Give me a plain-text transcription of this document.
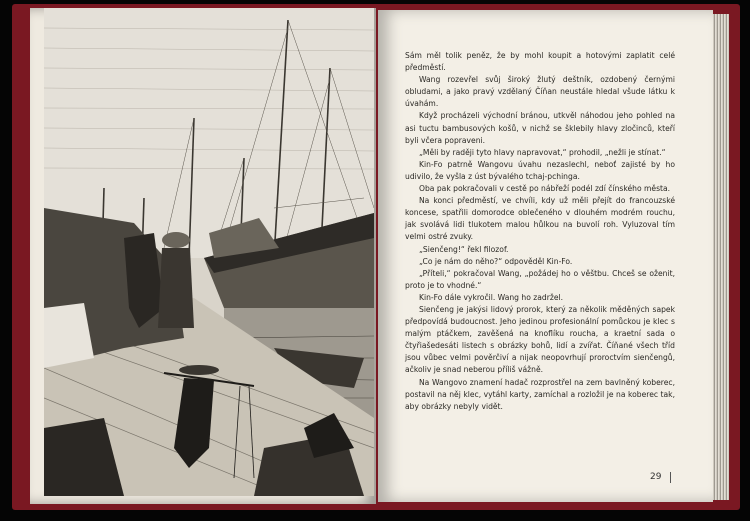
Sám měl tolik peněz, že by mohl koupit a hotovými zaplatit celé předměstí.

Wang rozevřel svůj široký žlutý deštník, ozdobený černými obludami, a jako pravý vzdělaný Číňan neustále hledal všude látku k úvahám.

Když procházeli východní bránou, utkvěl náhodou jeho pohled na asi tuctu bambusových košů, v nichž se šklebily hlavy zločinců, kteří byli včera popraveni.

„Měli by raději tyto hlavy napravovat,“ prohodil, „nežli je stínat.“

Kin-Fo patrně Wangovu úvahu nezaslechl, neboť zajisté by ho udivilo, že vyšla z úst bývalého tchaj-pchinga.

Oba pak pokračovali v cestě po nábřeží podél zdí čínského města.

Na konci předměstí, ve chvíli, kdy už měli přejít do francouzské koncese, spatřili domorodce oblečeného v dlouhém modrém rouchu, jak svolává lidi tlukotem malou hůlkou na buvolí roh. Vyluzoval tím velmi ostré zvuky.

„Sienčeng!“ řekl filozof.

„Co je nám do něho?“ odpověděl Kin-Fo.

„Příteli,“ pokračoval Wang, „požádej ho o věštbu. Chceš se oženit, proto je to vhodné.“

Kin-Fo dále vykročil. Wang ho zadržel.

Sienčeng je jakýsi lidový prorok, který za několik měděných sapek předpovídá budoucnost. Jeho jedinou profesionální pomůckou je klec s malým ptáčkem, zavěšená na knoflíku roucha, a kraetní sada o čtyřiašedesáti listech s obrázky bohů, lidí a zvířat. Číňané všech tříd jsou vůbec velmi pověrčiví a nijak neopovrhují proroctvím sienčengů, ačkoliv je snad neberou příliš vážně.

Na Wangovo znamení hadač rozprostřel na zem bavlněný koberec, postavil na něj klec, vytáhl karty, zamíchal a rozložil je na koberec tak, aby obrázky nebyly vidět.

29
